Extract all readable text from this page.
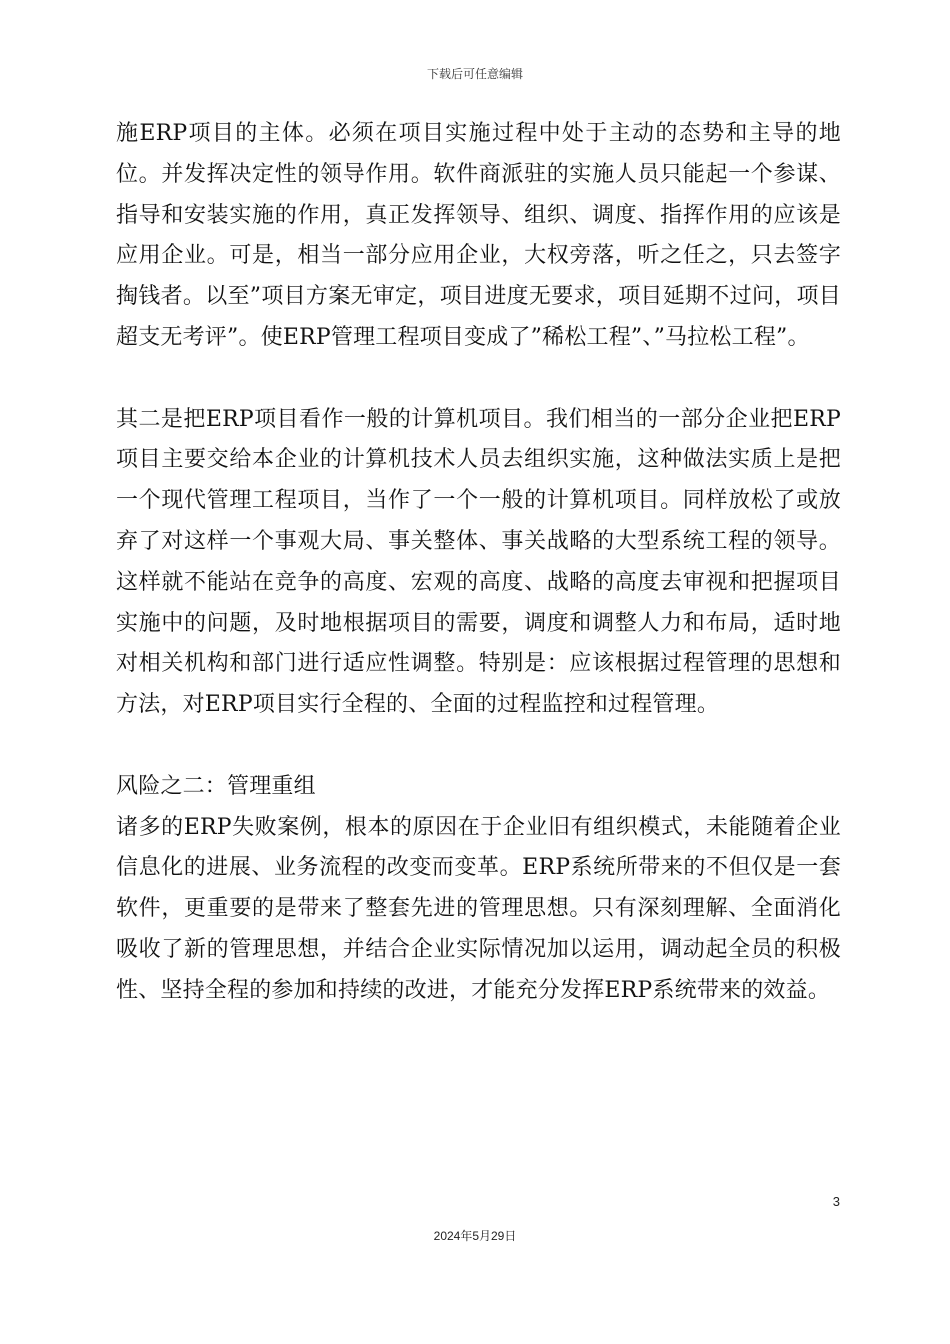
下载后可任意编辑

施ERP项目的主体。必须在项目实施过程中处于主动的态势和主导的地位。并发挥决定性的领导作用。软件商派驻的实施人员只能起一个参谋、指导和安装实施的作用，真正发挥领导、组织、调度、指挥作用的应该是应用企业。可是，相当一部分应用企业，大权旁落，听之任之，只去签字掏钱者。以至”项目方案无审定，项目进度无要求，项目延期不过问，项目超支无考评”。使ERP管理工程项目变成了”稀松工程”、”马拉松工程”。

其二是把ERP项目看作一般的计算机项目。我们相当的一部分企业把ERP项目主要交给本企业的计算机技术人员去组织实施，这种做法实质上是把一个现代管理工程项目，当作了一个一般的计算机项目。同样放松了或放弃了对这样一个事观大局、事关整体、事关战略的大型系统工程的领导。这样就不能站在竞争的高度、宏观的高度、战略的高度去审视和把握项目实施中的问题，及时地根据项目的需要，调度和调整人力和布局，适时地对相关机构和部门进行适应性调整。特别是：应该根据过程管理的思想和方法，对ERP项目实行全程的、全面的过程监控和过程管理。

风险之二：管理重组

诸多的ERP失败案例，根本的原因在于企业旧有组织模式，未能随着企业信息化的进展、业务流程的改变而变革。ERP系统所带来的不但仅是一套软件，更重要的是带来了整套先进的管理思想。只有深刻理解、全面消化吸收了新的管理思想，并结合企业实际情况加以运用，调动起全员的积极性、坚持全程的参加和持续的改进，才能充分发挥ERP系统带来的效益。

3
2024年5月29日
